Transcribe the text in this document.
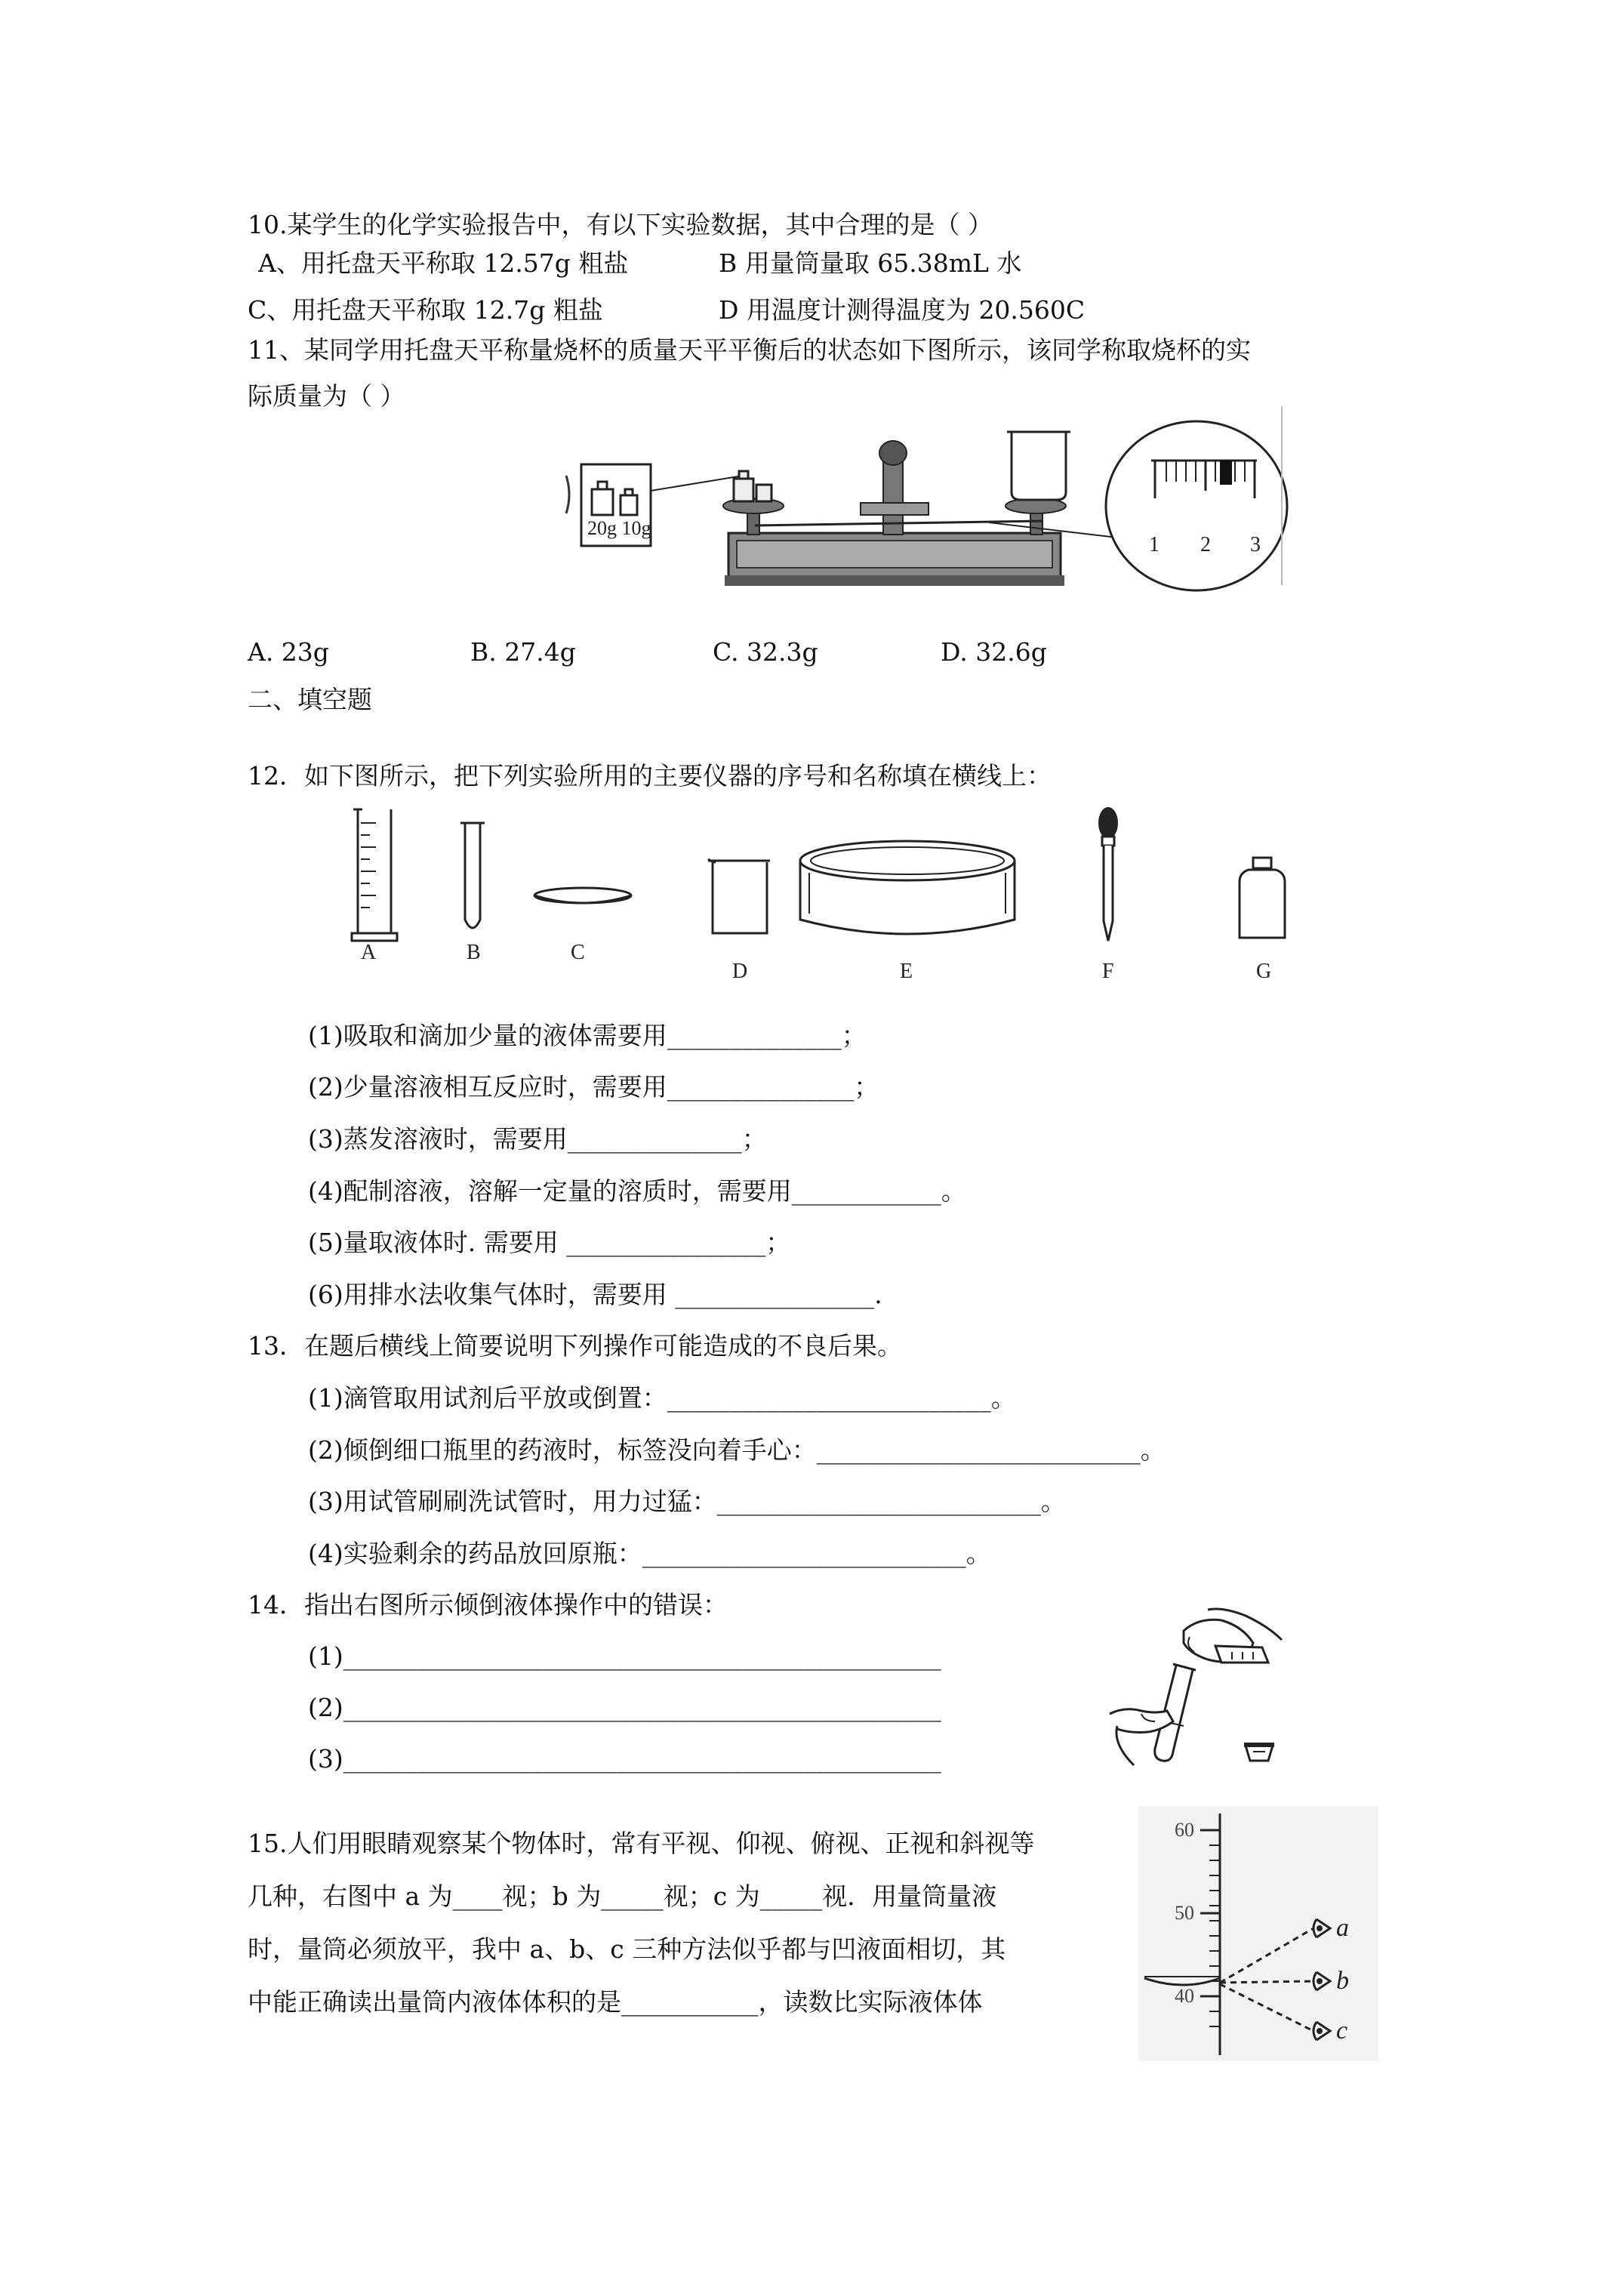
10.某学生的化学实验报告中，有以下实验数据，其中合理的是（ ）
A、用托盘天平称取 12.57g 粗盐	B 用量筒量取 65.38mL 水
C、用托盘天平称取 12.7g 粗盐	D 用温度计测得温度为 20.560C
11、某同学用托盘天平称量烧杯的质量天平平衡后的状态如下图所示，该同学称取烧杯的实
际质量为（ ）
20g 10g
1 2 3
A. 23g	B. 27.4g	C. 32.3g	D. 32.6g
二、填空题
12．如下图所示，把下列实验所用的主要仪器的序号和名称填在横线上：
A	B	C
D	E	F	G
(1)吸取和滴加少量的液体需要用______________；
(2)少量溶液相互反应时，需要用_______________；
(3)蒸发溶液时，需要用______________；
(4)配制溶液，溶解一定量的溶质时，需要用____________。
(5)量取液体时. 需要用 ________________；
(6)用排水法收集气体时，需要用 ________________.
13．在题后横线上简要说明下列操作可能造成的不良后果。
(1)滴管取用试剂后平放或倒置：__________________________。
(2)倾倒细口瓶里的药液时，标签没向着手心：__________________________。
(3)用试管刷刷洗试管时，用力过猛：__________________________。
(4)实验剩余的药品放回原瓶：__________________________。
14．指出右图所示倾倒液体操作中的错误：
(1)________________________________________________
(2)________________________________________________
(3)________________________________________________
15.人们用眼睛观察某个物体时，常有平视、仰视、俯视、正视和斜视等
几种，右图中 a 为____视；b 为_____视；c 为_____视．用量筒量液
时，量筒必须放平，我中 a、b、c 三种方法似乎都与凹液面相切，其
中能正确读出量筒内液体体积的是___________，读数比实际液体体
60
50
40
a
b
c
